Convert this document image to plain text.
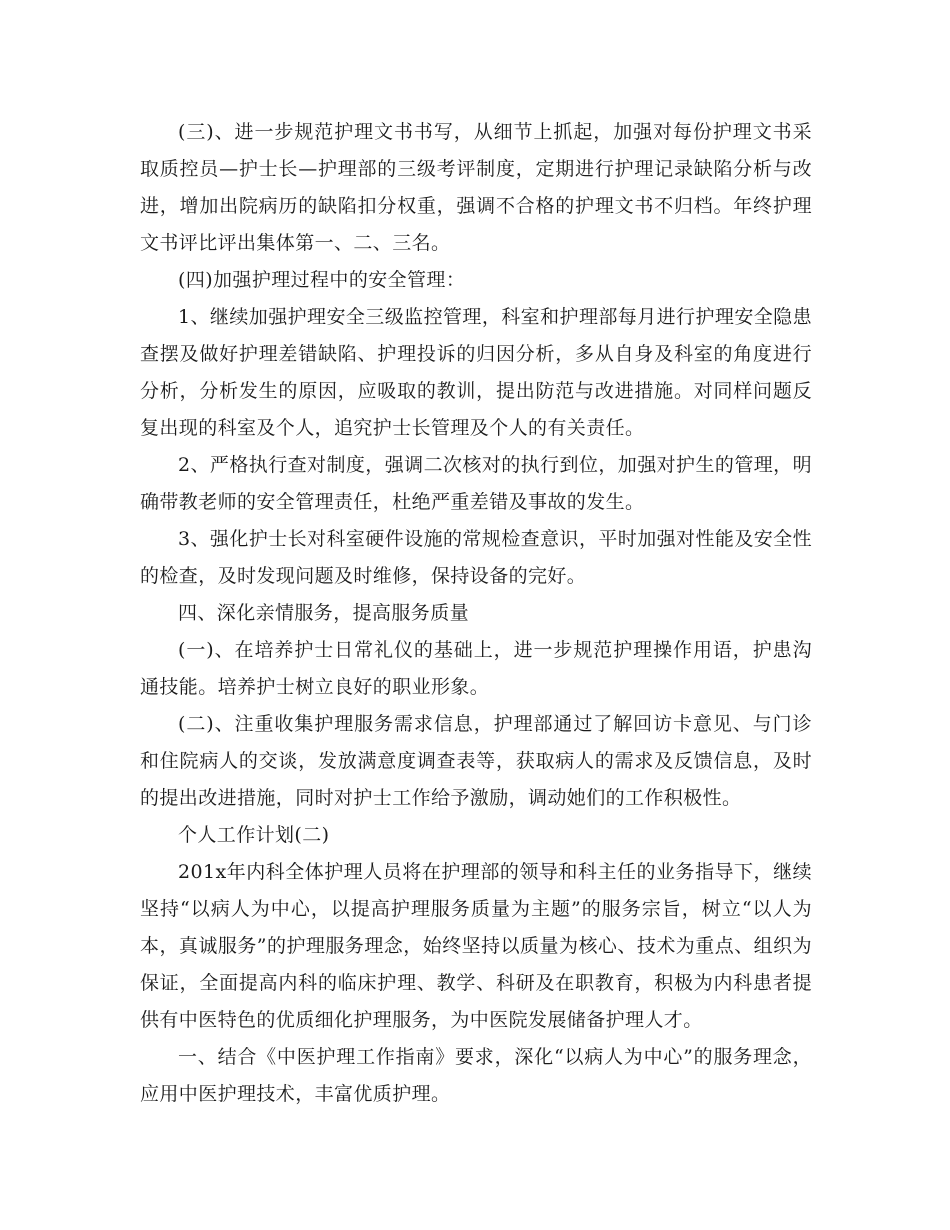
(三)、进一步规范护理文书书写，从细节上抓起，加强对每份护理文书采取质控员—护士长—护理部的三级考评制度，定期进行护理记录缺陷分析与改进，增加出院病历的缺陷扣分权重，强调不合格的护理文书不归档。年终护理文书评比评出集体第一、二、三名。

(四)加强护理过程中的安全管理：

1、继续加强护理安全三级监控管理，科室和护理部每月进行护理安全隐患查摆及做好护理差错缺陷、护理投诉的归因分析，多从自身及科室的角度进行分析，分析发生的原因，应吸取的教训，提出防范与改进措施。对同样问题反复出现的科室及个人，追究护士长管理及个人的有关责任。

2、严格执行查对制度，强调二次核对的执行到位，加强对护生的管理，明确带教老师的安全管理责任，杜绝严重差错及事故的发生。

3、强化护士长对科室硬件设施的常规检查意识，平时加强对性能及安全性的检查，及时发现问题及时维修，保持设备的完好。

四、深化亲情服务，提高服务质量

(一)、在培养护士日常礼仪的基础上，进一步规范护理操作用语，护患沟通技能。培养护士树立良好的职业形象。

(二)、注重收集护理服务需求信息，护理部通过了解回访卡意见、与门诊和住院病人的交谈，发放满意度调查表等，获取病人的需求及反馈信息，及时的提出改进措施，同时对护士工作给予激励，调动她们的工作积极性。

个人工作计划(二)

201x年内科全体护理人员将在护理部的领导和科主任的业务指导下，继续坚持“以病人为中心，以提高护理服务质量为主题”的服务宗旨，树立“以人为本，真诚服务”的护理服务理念，始终坚持以质量为核心、技术为重点、组织为保证，全面提高内科的临床护理、教学、科研及在职教育，积极为内科患者提供有中医特色的优质细化护理服务，为中医院发展储备护理人才。

一、结合《中医护理工作指南》要求，深化“以病人为中心”的服务理念，应用中医护理技术，丰富优质护理。
